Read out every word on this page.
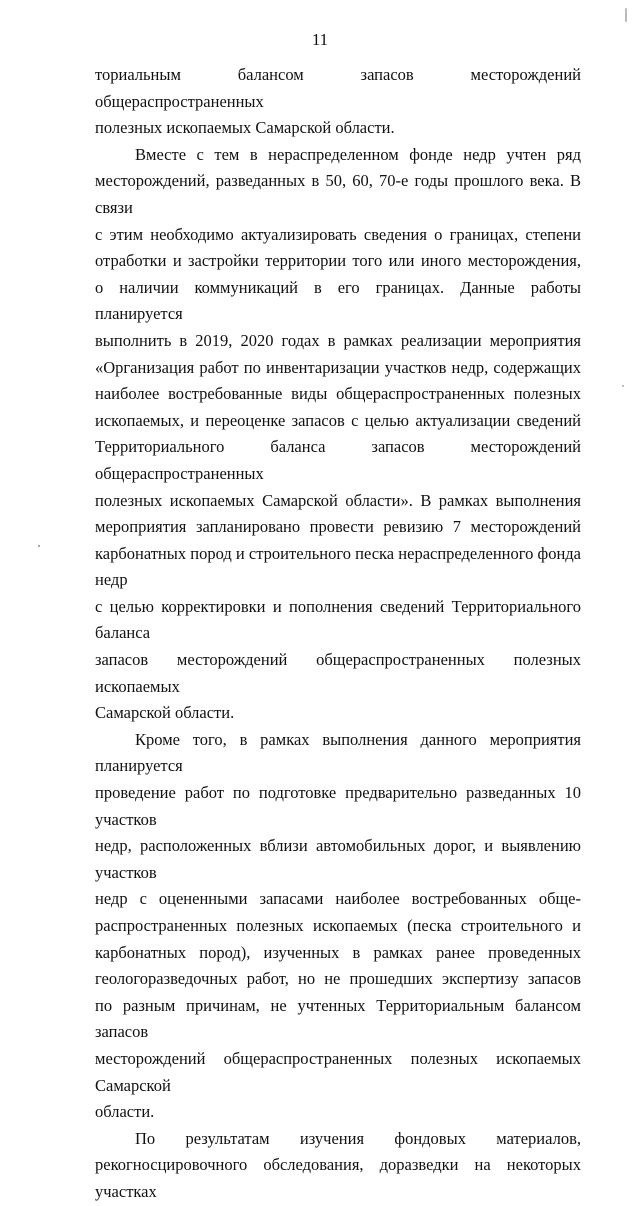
11

ториальным балансом запасов месторождений общераспространенных
полезных ископаемых Самарской области.

Вместе с тем в нераспределенном фонде недр учтен ряд
месторождений, разведанных в 50, 60, 70-е годы прошлого века. В связи
с этим необходимо актуализировать сведения о границах, степени
отработки и застройки территории того или иного месторождения,
о наличии коммуникаций в его границах. Данные работы планируется
выполнить в 2019, 2020 годах в рамках реализации мероприятия
«Организация работ по инвентаризации участков недр, содержащих
наиболее востребованные виды общераспространенных полезных
ископаемых, и переоценке запасов с целью актуализации сведений
Территориального баланса запасов месторождений общераспространенных
полезных ископаемых Самарской области». В рамках выполнения
мероприятия запланировано провести ревизию 7 месторождений
карбонатных пород и строительного песка нераспределенного фонда недр
с целью корректировки и пополнения сведений Территориального баланса
запасов месторождений общераспространенных полезных ископаемых
Самарской области.

Кроме того, в рамках выполнения данного мероприятия планируется
проведение работ по подготовке предварительно разведанных 10 участков
недр, расположенных вблизи автомобильных дорог, и выявлению участков
недр с оцененными запасами наиболее востребованных обще-
распространенных полезных ископаемых (песка строительного и
карбонатных пород), изученных в рамках ранее проведенных
геологоразведочных работ, но не прошедших экспертизу запасов
по разным причинам, не учтенных Территориальным балансом запасов
месторождений общераспространенных полезных ископаемых Самарской
области.

По результатам изучения фондовых материалов,
рекогносцировочного обследования, доразведки на некоторых участках
